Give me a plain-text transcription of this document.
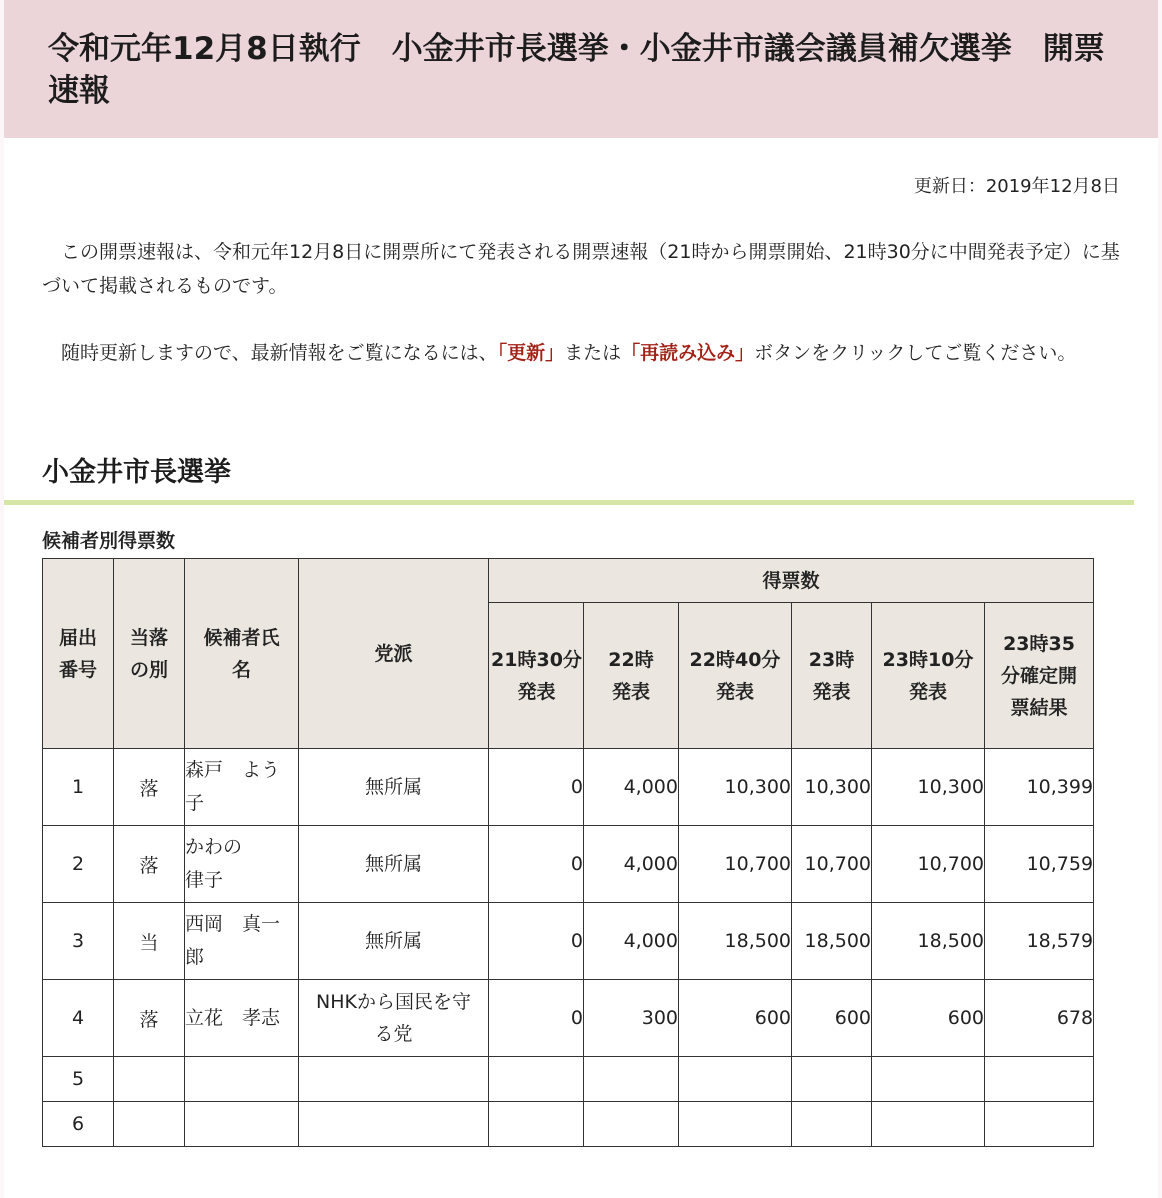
令和元年12月8日執行　小金井市長選挙・小金井市議会議員補欠選挙　開票速報
更新日：2019年12月8日

この開票速報は、令和元年12月8日に開票所にて発表される開票速報（21時から開票開始、21時30分に中間発表予定）に基づいて掲載されるものです。

随時更新しますので、最新情報をご覧になるには、「更新」または「再読み込み」ボタンをクリックしてご覧ください。

小金井市長選挙
候補者別得票数
届出番号	当落の別	候補者氏名	党派	得票数					

				21時30分発表	22時発表	22時40分発表	23時発表	23時10分発表	23時35分確定開票結果

1	落	森戸　よう子	無所属	0	4,000	10,300	10,300	10,300	10,399
2	落	かわの律子	無所属	0	4,000	10,700	10,700	10,700	10,759
3	当	西岡　真一郎	無所属	0	4,000	18,500	18,500	18,500	18,579
4	落	立花　孝志	NHKから国民を守る党	0	300	600	600	600	678
5									
6									
